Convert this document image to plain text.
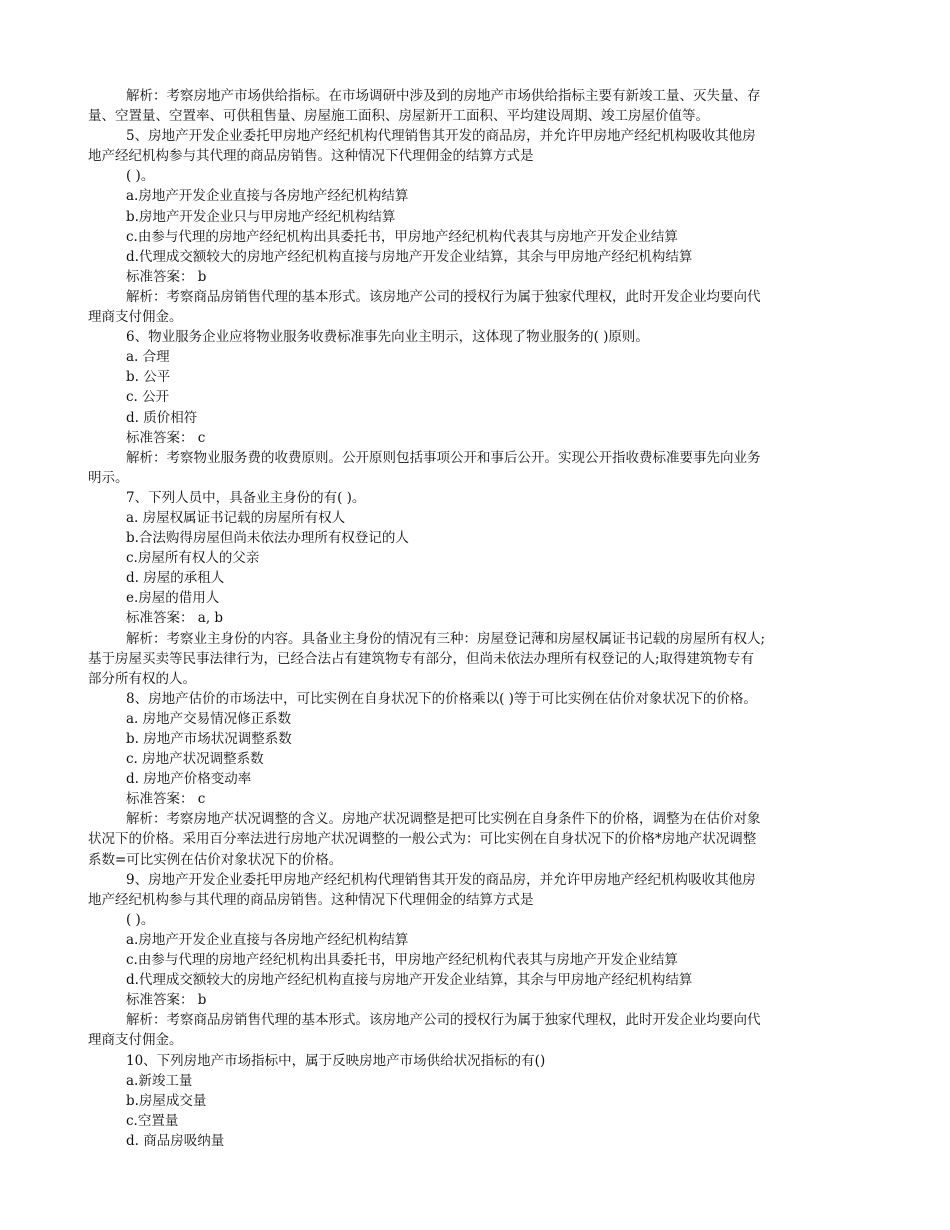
解析：考察房地产市场供给指标。在市场调研中涉及到的房地产市场供给指标主要有新竣工量、灭失量、存
量、空置量、空置率、可供租售量、房屋施工面积、房屋新开工面积、平均建设周期、竣工房屋价值等。
5、房地产开发企业委托甲房地产经纪机构代理销售其开发的商品房，并允许甲房地产经纪机构吸收其他房
地产经纪机构参与其代理的商品房销售。这种情况下代理佣金的结算方式是
( )。
a.房地产开发企业直接与各房地产经纪机构结算
b.房地产开发企业只与甲房地产经纪机构结算
c.由参与代理的房地产经纪机构出具委托书，甲房地产经纪机构代表其与房地产开发企业结算
d.代理成交额较大的房地产经纪机构直接与房地产开发企业结算，其余与甲房地产经纪机构结算
标准答案： b
解析：考察商品房销售代理的基本形式。该房地产公司的授权行为属于独家代理权，此时开发企业均要向代
理商支付佣金。
6、物业服务企业应将物业服务收费标准事先向业主明示，这体现了物业服务的( )原则。
a. 合理
b. 公平
c. 公开
d. 质价相符
标准答案： c
解析：考察物业服务费的收费原则。公开原则包括事项公开和事后公开。实现公开指收费标准要事先向业务
明示。
7、下列人员中，具备业主身份的有( )。
a. 房屋权属证书记载的房屋所有权人
b.合法购得房屋但尚未依法办理所有权登记的人
c.房屋所有权人的父亲
d. 房屋的承租人
e.房屋的借用人
标准答案： a, b
解析：考察业主身份的内容。具备业主身份的情况有三种：房屋登记薄和房屋权属证书记载的房屋所有权人;
基于房屋买卖等民事法律行为，已经合法占有建筑物专有部分，但尚未依法办理所有权登记的人;取得建筑物专有
部分所有权的人。
8、房地产估价的市场法中，可比实例在自身状况下的价格乘以( )等于可比实例在估价对象状况下的价格。
a. 房地产交易情况修正系数
b. 房地产市场状况调整系数
c. 房地产状况调整系数
d. 房地产价格变动率
标准答案： c
解析：考察房地产状况调整的含义。房地产状况调整是把可比实例在自身条件下的价格，调整为在估价对象
状况下的价格。采用百分率法进行房地产状况调整的一般公式为：可比实例在自身状况下的价格*房地产状况调整
系数=可比实例在估价对象状况下的价格。
9、房地产开发企业委托甲房地产经纪机构代理销售其开发的商品房，并允许甲房地产经纪机构吸收其他房
地产经纪机构参与其代理的商品房销售。这种情况下代理佣金的结算方式是
( )。
a.房地产开发企业直接与各房地产经纪机构结算
c.由参与代理的房地产经纪机构出具委托书，甲房地产经纪机构代表其与房地产开发企业结算
d.代理成交额较大的房地产经纪机构直接与房地产开发企业结算，其余与甲房地产经纪机构结算
标准答案： b
解析：考察商品房销售代理的基本形式。该房地产公司的授权行为属于独家代理权，此时开发企业均要向代
理商支付佣金。
10、下列房地产市场指标中，属于反映房地产市场供给状况指标的有()
a.新竣工量
b.房屋成交量
c.空置量
d. 商品房吸纳量
